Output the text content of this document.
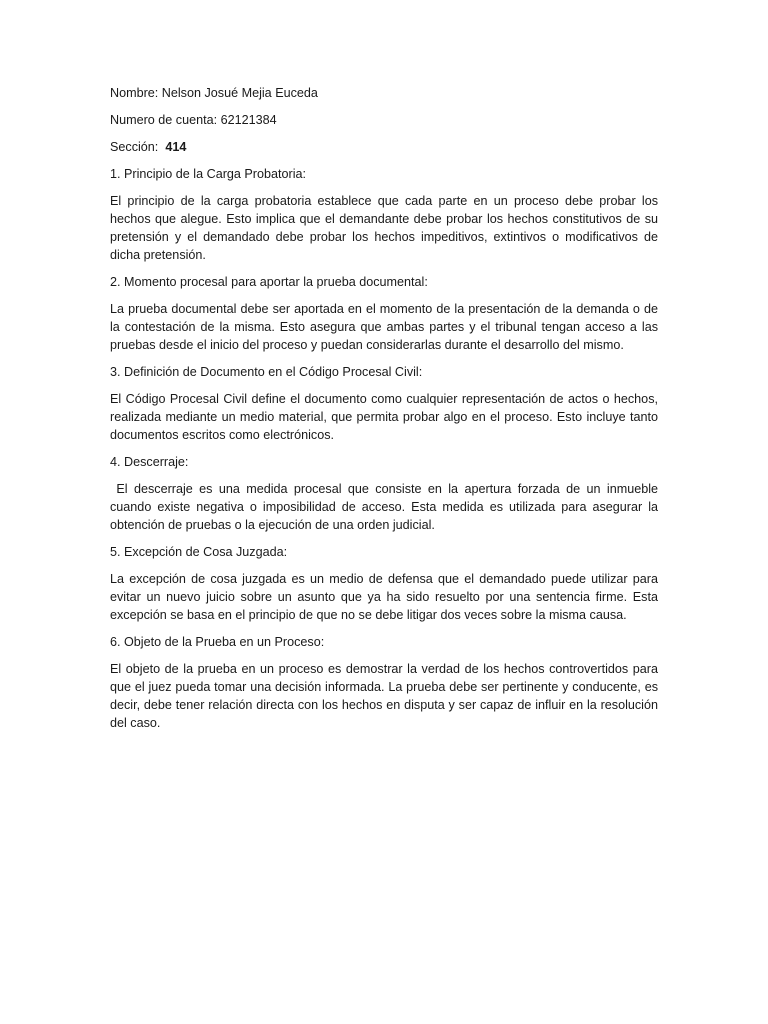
Nombre: Nelson Josué Mejia Euceda

Numero de cuenta: 62121384

Sección: 414

1. Principio de la Carga Probatoria:

El principio de la carga probatoria establece que cada parte en un proceso debe probar los hechos que alegue. Esto implica que el demandante debe probar los hechos constitutivos de su pretensión y el demandado debe probar los hechos impeditivos, extintivos o modificativos de dicha pretensión.

2. Momento procesal para aportar la prueba documental:

La prueba documental debe ser aportada en el momento de la presentación de la demanda o de la contestación de la misma. Esto asegura que ambas partes y el tribunal tengan acceso a las pruebas desde el inicio del proceso y puedan considerarlas durante el desarrollo del mismo.

3. Definición de Documento en el Código Procesal Civil:

El Código Procesal Civil define el documento como cualquier representación de actos o hechos, realizada mediante un medio material, que permita probar algo en el proceso. Esto incluye tanto documentos escritos como electrónicos.

4. Descerraje:

El descerraje es una medida procesal que consiste en la apertura forzada de un inmueble cuando existe negativa o imposibilidad de acceso. Esta medida es utilizada para asegurar la obtención de pruebas o la ejecución de una orden judicial.

5. Excepción de Cosa Juzgada:

La excepción de cosa juzgada es un medio de defensa que el demandado puede utilizar para evitar un nuevo juicio sobre un asunto que ya ha sido resuelto por una sentencia firme. Esta excepción se basa en el principio de que no se debe litigar dos veces sobre la misma causa.

6. Objeto de la Prueba en un Proceso:

El objeto de la prueba en un proceso es demostrar la verdad de los hechos controvertidos para que el juez pueda tomar una decisión informada. La prueba debe ser pertinente y conducente, es decir, debe tener relación directa con los hechos en disputa y ser capaz de influir en la resolución del caso.
